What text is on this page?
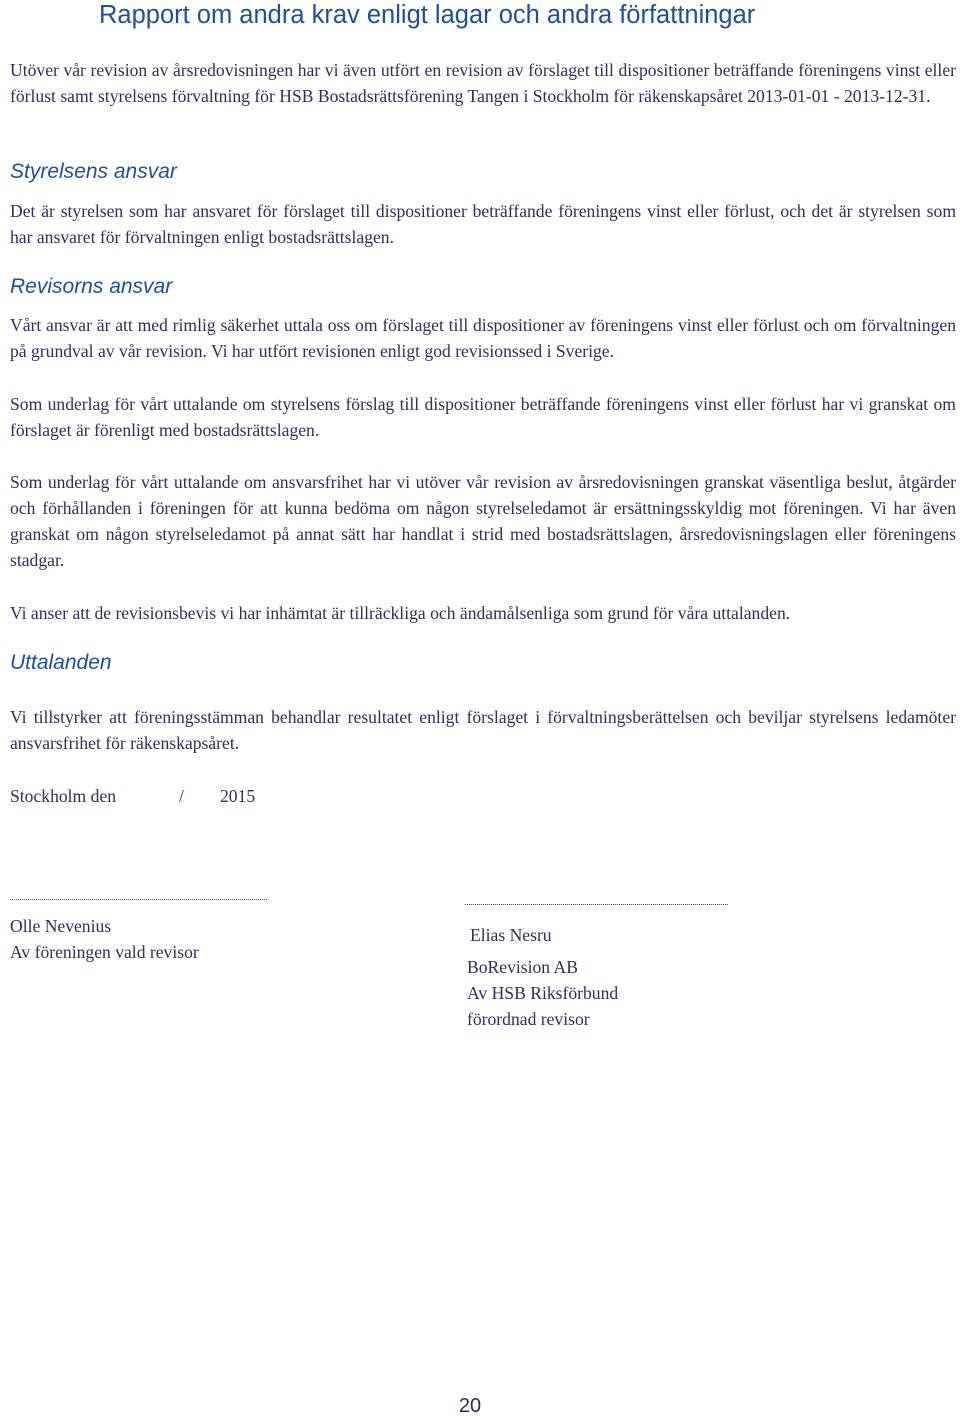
Rapport om andra krav enligt lagar och andra författningar
Utöver vår revision av årsredovisningen har vi även utfört en revision av förslaget till dispositioner beträffande föreningens vinst eller förlust samt styrelsens förvaltning för HSB Bostadsrättsförening Tangen i Stockholm för räkenskapsåret 2013-01-01 - 2013-12-31.
Styrelsens ansvar
Det är styrelsen som har ansvaret för förslaget till dispositioner beträffande föreningens vinst eller förlust, och det är styrelsen som har ansvaret för förvaltningen enligt bostadsrättslagen.
Revisorns ansvar
Vårt ansvar är att med rimlig säkerhet uttala oss om förslaget till dispositioner av föreningens vinst eller förlust och om förvaltningen på grundval av vår revision. Vi har utfört revisionen enligt god revisionssed i Sverige.
Som underlag för vårt uttalande om styrelsens förslag till dispositioner beträffande föreningens vinst eller förlust har vi granskat om förslaget är förenligt med bostadsrättslagen.
Som underlag för vårt uttalande om ansvarsfrihet har vi utöver vår revision av årsredovisningen granskat väsentliga beslut, åtgärder och förhållanden i föreningen för att kunna bedöma om någon styrelseledamot är ersättningsskyldig mot föreningen. Vi har även granskat om någon styrelseledamot på annat sätt har handlat i strid med bostadsrättslagen, årsredovisningslagen eller föreningens stadgar.
Vi anser att de revisionsbevis vi har inhämtat är tillräckliga och ändamålsenliga som grund för våra uttalanden.
Uttalanden
Vi tillstyrker att föreningsstämman behandlar resultatet enligt förslaget i förvaltningsberättelsen och beviljar styrelsens ledamöter ansvarsfrihet för räkenskapsåret.
Stockholm den	/ 2015
Olle Nevenius
Av föreningen vald revisor
Elias Nesru
BoRevision AB
Av HSB Riksförbund
förordnad revisor
20
